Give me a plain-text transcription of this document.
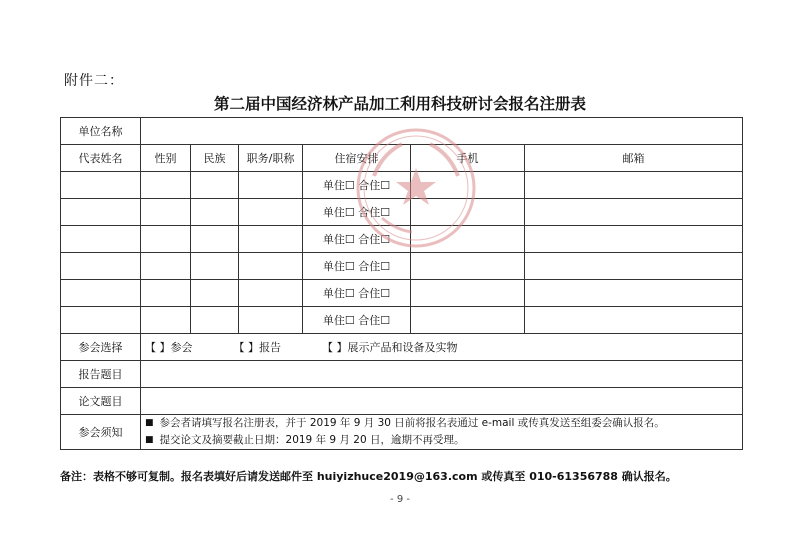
附件二：
第二届中国经济林产品加工利用科技研讨会报名注册表
单位名称						
代表姓名	性别	民族	职务/职称	住宿安排	手机	邮箱
				单住☐ 合住☐		
				单住☐ 合住☐		
				单住☐ 合住☐		
				单住☐ 合住☐		
				单住☐ 合住☐		
				单住☐ 合住☐		
参会选择	【 】参会 【 】报告 【 】展示产品和设备及实物					
报告题目						
论文题目						
参会须知	■ 参会者请填写报名注册表，并于 2019 年 9 月 30 日前将报名表通过 e-mail 或传真发送至组委会确认报名。
■ 提交论文及摘要截止日期：2019 年 9 月 20 日，逾期不再受理。					
备注：表格不够可复制。报名表填好后请发送邮件至 huiyizhuce2019@163.com 或传真至 010-61356788 确认报名。
- 9 -
